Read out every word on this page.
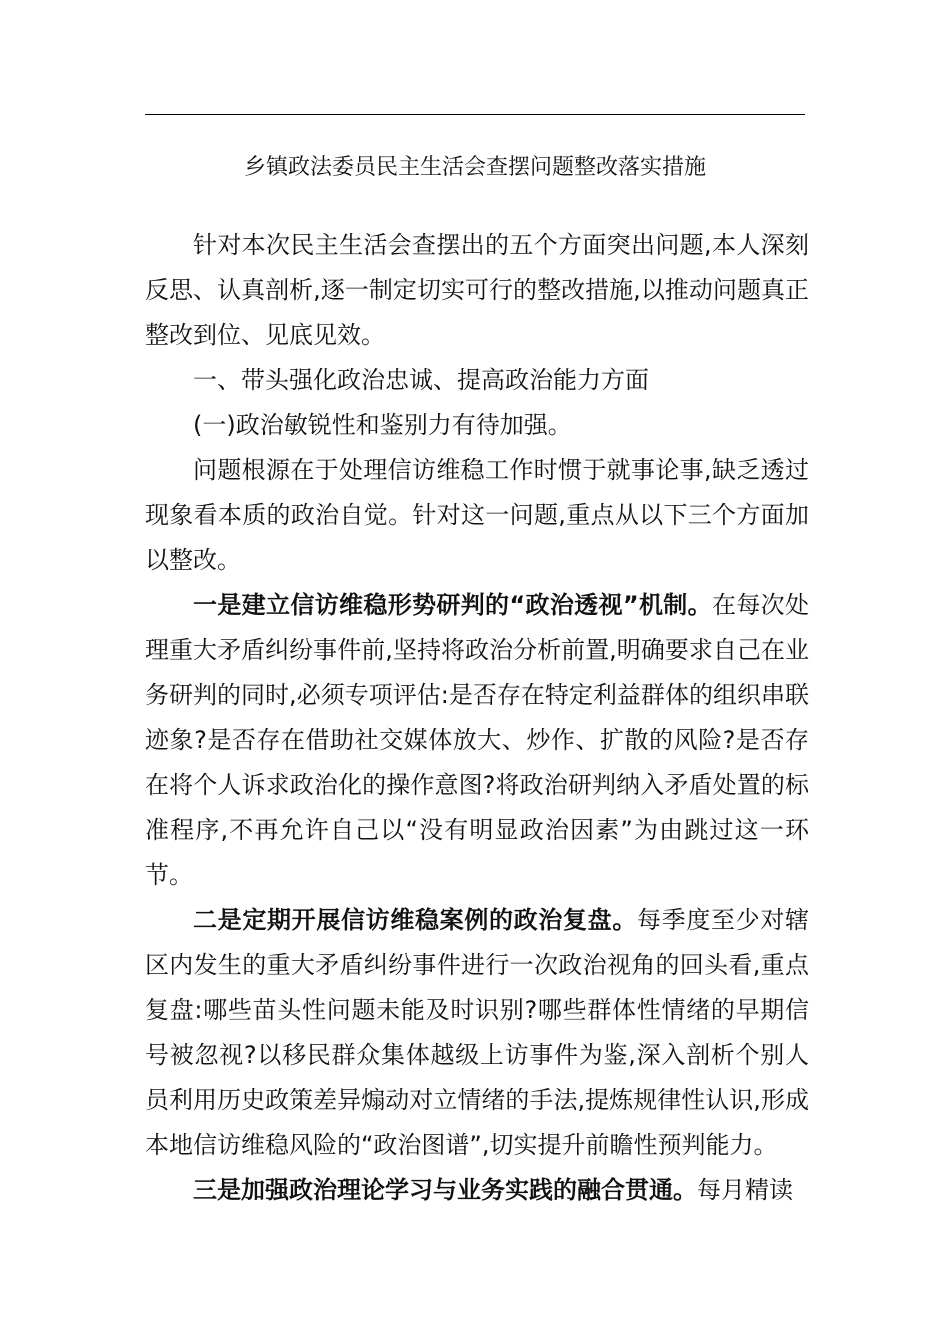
乡镇政法委员民主生活会查摆问题整改落实措施

针对本次民主生活会查摆出的五个方面突出问题,本人深刻反思、认真剖析,逐一制定切实可行的整改措施,以推动问题真正整改到位、见底见效。

一、带头强化政治忠诚、提高政治能力方面

(一)政治敏锐性和鉴别力有待加强。

问题根源在于处理信访维稳工作时惯于就事论事,缺乏透过现象看本质的政治自觉。针对这一问题,重点从以下三个方面加以整改。

一是建立信访维稳形势研判的“政治透视”机制。在每次处理重大矛盾纠纷事件前,坚持将政治分析前置,明确要求自己在业务研判的同时,必须专项评估:是否存在特定利益群体的组织串联迹象?是否存在借助社交媒体放大、炒作、扩散的风险?是否存在将个人诉求政治化的操作意图?将政治研判纳入矛盾处置的标准程序,不再允许自己以“没有明显政治因素”为由跳过这一环节。

二是定期开展信访维稳案例的政治复盘。每季度至少对辖区内发生的重大矛盾纠纷事件进行一次政治视角的回头看,重点复盘:哪些苗头性问题未能及时识别?哪些群体性情绪的早期信号被忽视?以移民群众集体越级上访事件为鉴,深入剖析个别人员利用历史政策差异煽动对立情绪的手法,提炼规律性认识,形成本地信访维稳风险的“政治图谱”,切实提升前瞻性预判能力。

三是加强政治理论学习与业务实践的融合贯通。每月精读
